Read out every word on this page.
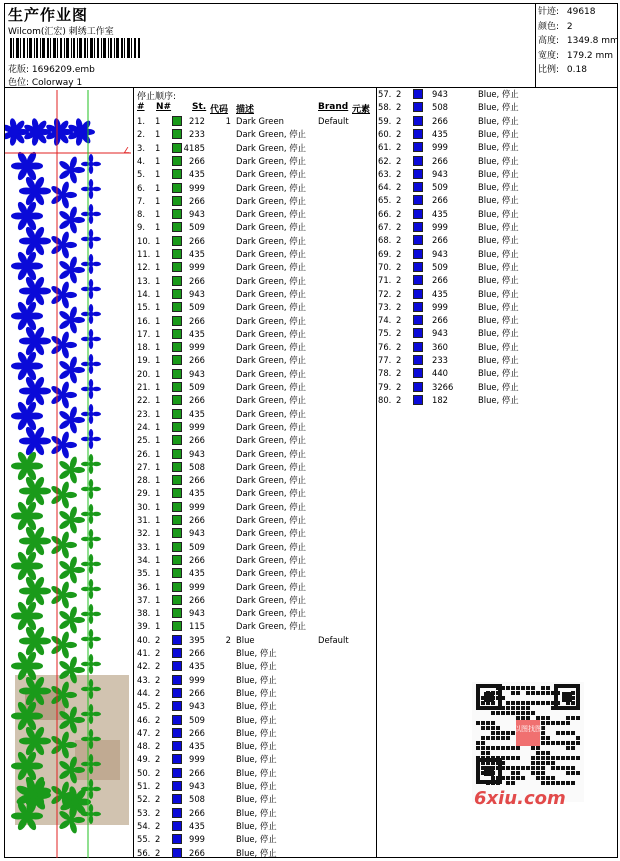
生产作业图
Wilcom(汇宏) 刺绣工作室
花版: 1696209.emb
色位: Colorway 1
针迹: 49618
颜色: 2
高度: 1349.8 mm
宽度: 179.2 mm
比例: 0.18
∠
停止顺序:
# N# St. 代码 描述	Brand 元素
1. 1	212 1 Dark Green	Default
2. 1	233	Dark Green, 停止
3. 1	4185	Dark Green, 停止
4. 1	266	Dark Green, 停止
5. 1	435	Dark Green, 停止
6. 1	999	Dark Green, 停止
7. 1	266	Dark Green, 停止
8. 1	943	Dark Green, 停止
9. 1	509	Dark Green, 停止
10. 1	266	Dark Green, 停止
11. 1	435	Dark Green, 停止
12. 1	999	Dark Green, 停止
13. 1	266	Dark Green, 停止
14. 1	943	Dark Green, 停止
15. 1	509	Dark Green, 停止
16. 1	266	Dark Green, 停止
17. 1	435	Dark Green, 停止
18. 1	999	Dark Green, 停止
19. 1	266	Dark Green, 停止
20. 1	943	Dark Green, 停止
21. 1	509	Dark Green, 停止
22. 1	266	Dark Green, 停止
23. 1	435	Dark Green, 停止
24. 1	999	Dark Green, 停止
25. 1	266	Dark Green, 停止
26. 1	943	Dark Green, 停止
27. 1	508	Dark Green, 停止
28. 1	266	Dark Green, 停止
29. 1	435	Dark Green, 停止
30. 1	999	Dark Green, 停止
31. 1	266	Dark Green, 停止
32. 1	943	Dark Green, 停止
33. 1	509	Dark Green, 停止
34. 1	266	Dark Green, 停止
35. 1	435	Dark Green, 停止
36. 1	999	Dark Green, 停止
37. 1	266	Dark Green, 停止
38. 1	943	Dark Green, 停止
39. 1	115	Dark Green, 停止
40. 2	395 2 Blue	Default
41. 2	266	Blue, 停止
42. 2	435	Blue, 停止
43. 2	999	Blue, 停止
44. 2	266	Blue, 停止
45. 2	943	Blue, 停止
46. 2	509	Blue, 停止
47. 2	266	Blue, 停止
48. 2	435	Blue, 停止
49. 2	999	Blue, 停止
50. 2	266	Blue, 停止
51. 2	943	Blue, 停止
52. 2	508	Blue, 停止
53. 2	266	Blue, 停止
54. 2	435	Blue, 停止
55. 2	999	Blue, 停止
56. 2	266	Blue, 停止
57. 2	943	Blue, 停止
58. 2	508	Blue, 停止
59. 2	266	Blue, 停止
60. 2	435	Blue, 停止
61. 2	999	Blue, 停止
62. 2	266	Blue, 停止
63. 2	943	Blue, 停止
64. 2	509	Blue, 停止
65. 2	266	Blue, 停止
66. 2	435	Blue, 停止
67. 2	999	Blue, 停止
68. 2	266	Blue, 停止
69. 2	943	Blue, 停止
70. 2	509	Blue, 停止
71. 2	266	Blue, 停止
72. 2	435	Blue, 停止
73. 2	999	Blue, 停止
74. 2	266	Blue, 停止
75. 2	943	Blue, 停止
76. 2	360	Blue, 停止
77. 2	233	Blue, 停止
78. 2	440	Blue, 停止
79. 2	3266	Blue, 停止
80. 2	182	Blue, 停止
以图找图
6xiu.com
